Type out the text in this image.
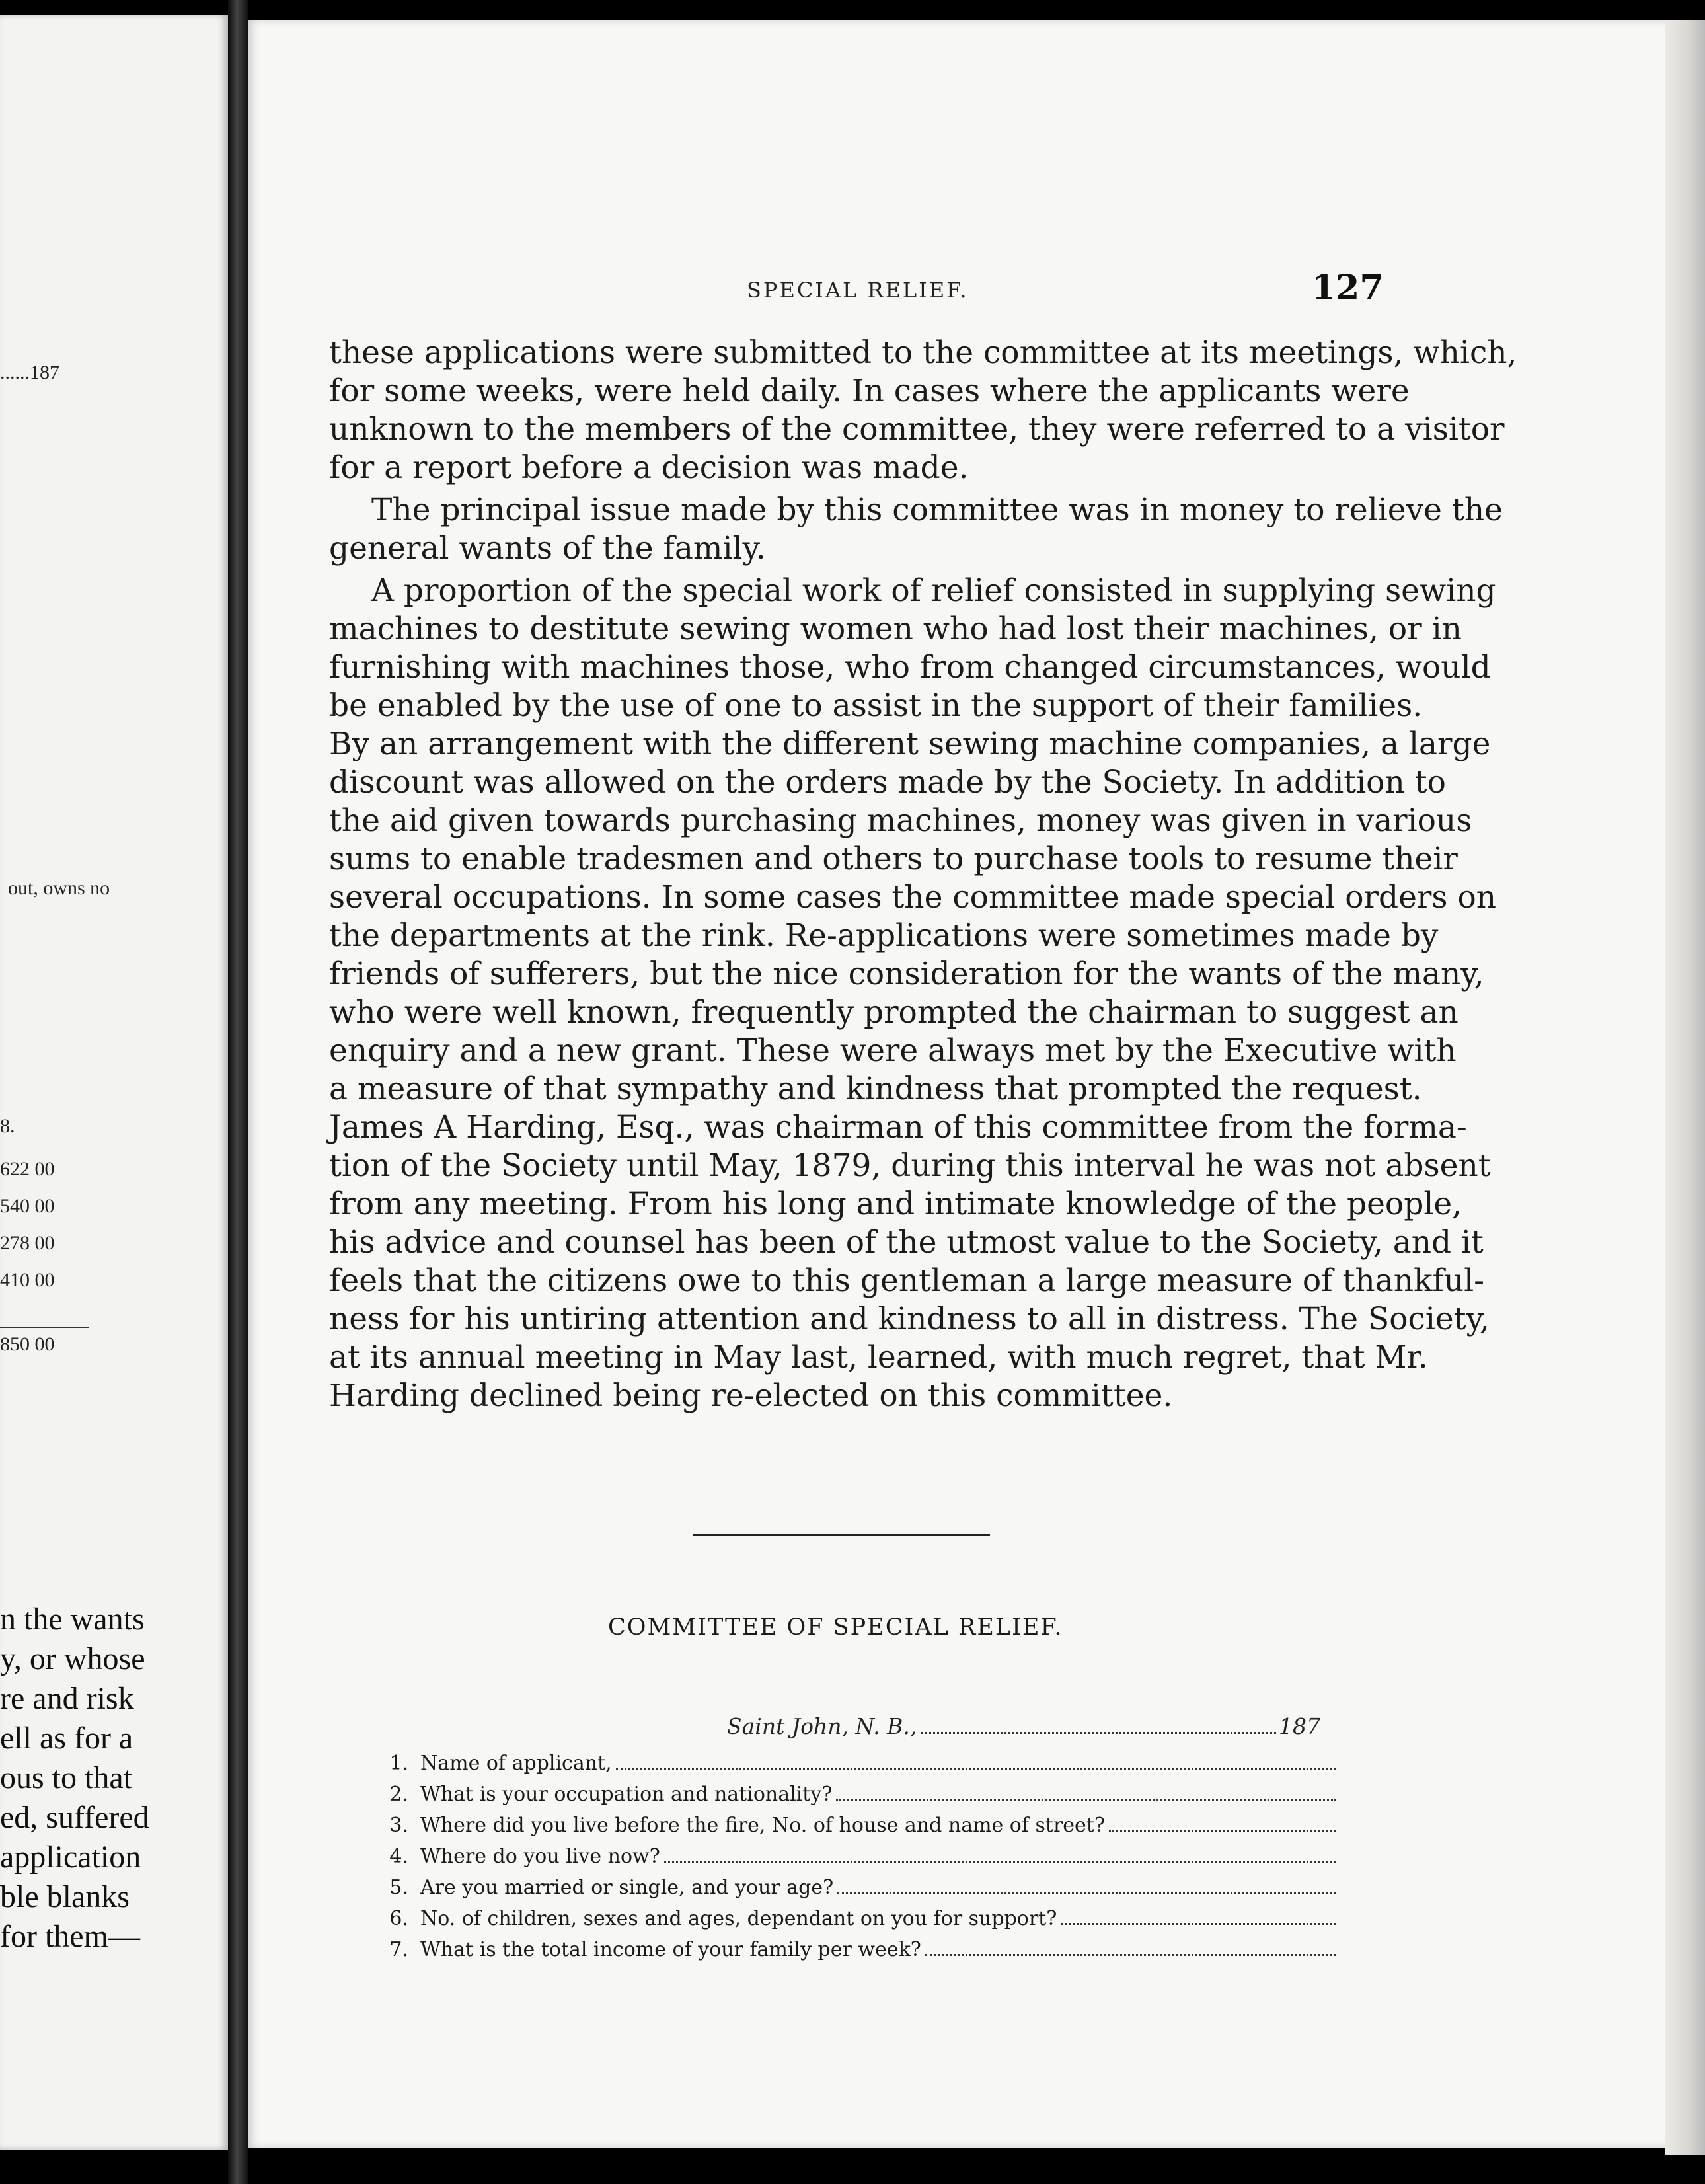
......187
out, owns no
8.
622 00
540 00
278 00
410 00
850 00
n the wants
y, or whose
re and risk
ell as for a
ous to that
ed, suffered
application
ble blanks
for them—
SPECIAL RELIEF.	127
these applications were submitted to the committee at its meetings, which,
for some weeks, were held daily. In cases where the applicants were
unknown to the members of the committee, they were referred to a visitor
for a report before a decision was made.
The principal issue made by this committee was in money to relieve the
general wants of the family.
A proportion of the special work of relief consisted in supplying sewing
machines to destitute sewing women who had lost their machines, or in
furnishing with machines those, who from changed circumstances, would
be enabled by the use of one to assist in the support of their families.
By an arrangement with the different sewing machine companies, a large
discount was allowed on the orders made by the Society. In addition to
the aid given towards purchasing machines, money was given in various
sums to enable tradesmen and others to purchase tools to resume their
several occupations. In some cases the committee made special orders on
the departments at the rink. Re-applications were sometimes made by
friends of sufferers, but the nice consideration for the wants of the many,
who were well known, frequently prompted the chairman to suggest an
enquiry and a new grant. These were always met by the Executive with
a measure of that sympathy and kindness that prompted the request.
James A Harding, Esq., was chairman of this committee from the forma-
tion of the Society until May, 1879, during this interval he was not absent
from any meeting. From his long and intimate knowledge of the people,
his advice and counsel has been of the utmost value to the Society, and it
feels that the citizens owe to this gentleman a large measure of thankful-
ness for his untiring attention and kindness to all in distress. The Society,
at its annual meeting in May last, learned, with much regret, that Mr.
Harding declined being re-elected on this committee.
COMMITTEE OF SPECIAL RELIEF.
Saint John, N. B.,	187
1. Name of applicant,
2. What is your occupation and nationality?
3. Where did you live before the fire, No. of house and name of street?
4. Where do you live now?
5. Are you married or single, and your age?
6. No. of children, sexes and ages, dependant on you for support?
7. What is the total income of your family per week?
